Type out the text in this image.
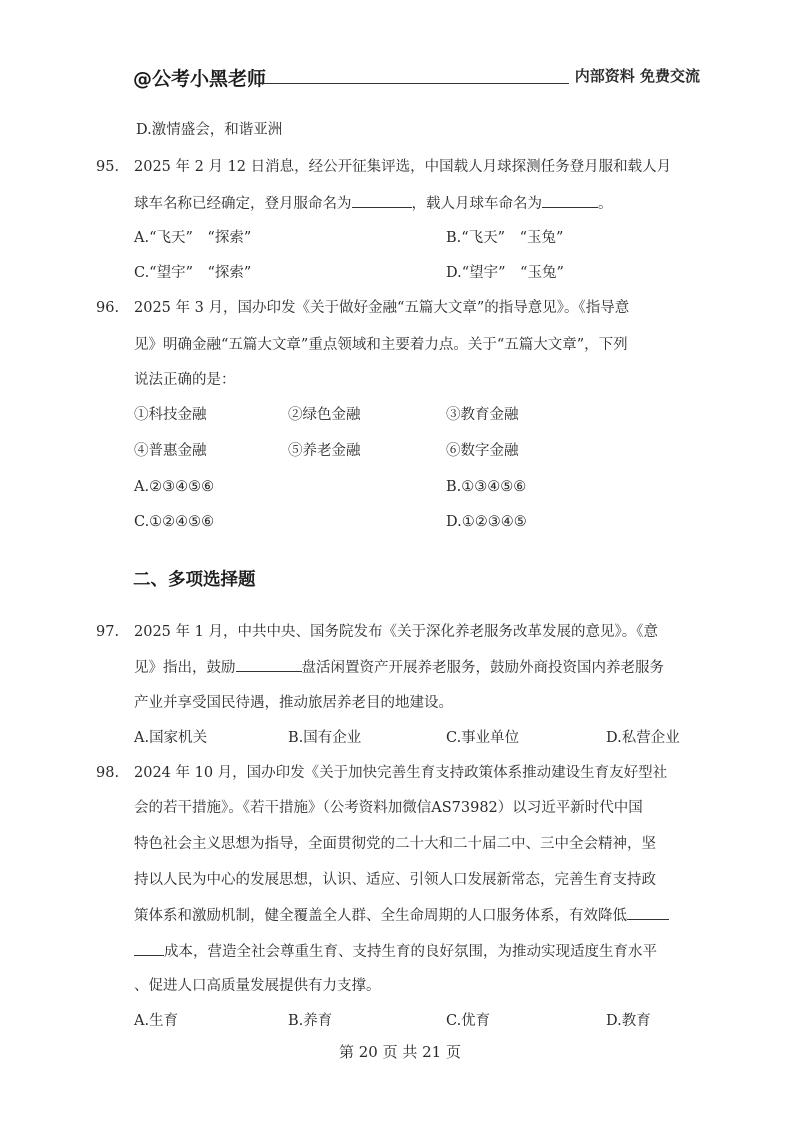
@公考小黑老师	内部资料 免费交流
D.激情盛会，和谐亚洲
95. 2025 年 2 月 12 日消息，经公开征集评选，中国载人月球探测任务登月服和载人月
球车名称已经确定，登月服命名为	，载人月球车命名为	。
A.“飞天”　“探索”	B.“飞天”　“玉兔”
C.“望宇”　“探索”	D.“望宇”　“玉兔”
96. 2025 年 3 月，国办印发《关于做好金融“五篇大文章”的指导意见》。《指导意
见》明确金融“五篇大文章”重点领域和主要着力点。关于“五篇大文章”，下列
说法正确的是：
①科技金融	②绿色金融	③教育金融
④普惠金融	⑤养老金融	⑥数字金融
A.②③④⑤⑥	B.①③④⑤⑥
C.①②④⑤⑥	D.①②③④⑤
二、多项选择题
97. 2025 年 1 月，中共中央、国务院发布《关于深化养老服务改革发展的意见》。《意
见》指出，鼓励	盘活闲置资产开展养老服务，鼓励外商投资国内养老服务
产业并享受国民待遇，推动旅居养老目的地建设。
A.国家机关	B.国有企业	C.事业单位	D.私营企业
98. 2024 年 10 月，国办印发《关于加快完善生育支持政策体系推动建设生育友好型社
会的若干措施》。《若干措施》（公考资料加微信AS73982）以习近平新时代中国
特色社会主义思想为指导，全面贯彻党的二十大和二十届二中、三中全会精神，坚
持以人民为中心的发展思想，认识、适应、引领人口发展新常态，完善生育支持政
策体系和激励机制，健全覆盖全人群、全生命周期的人口服务体系，有效降低
成本，营造全社会尊重生育、支持生育的良好氛围，为推动实现适度生育水平
、促进人口高质量发展提供有力支撑。
A.生育	B.养育	C.优育	D.教育
第 20 页 共 21 页
